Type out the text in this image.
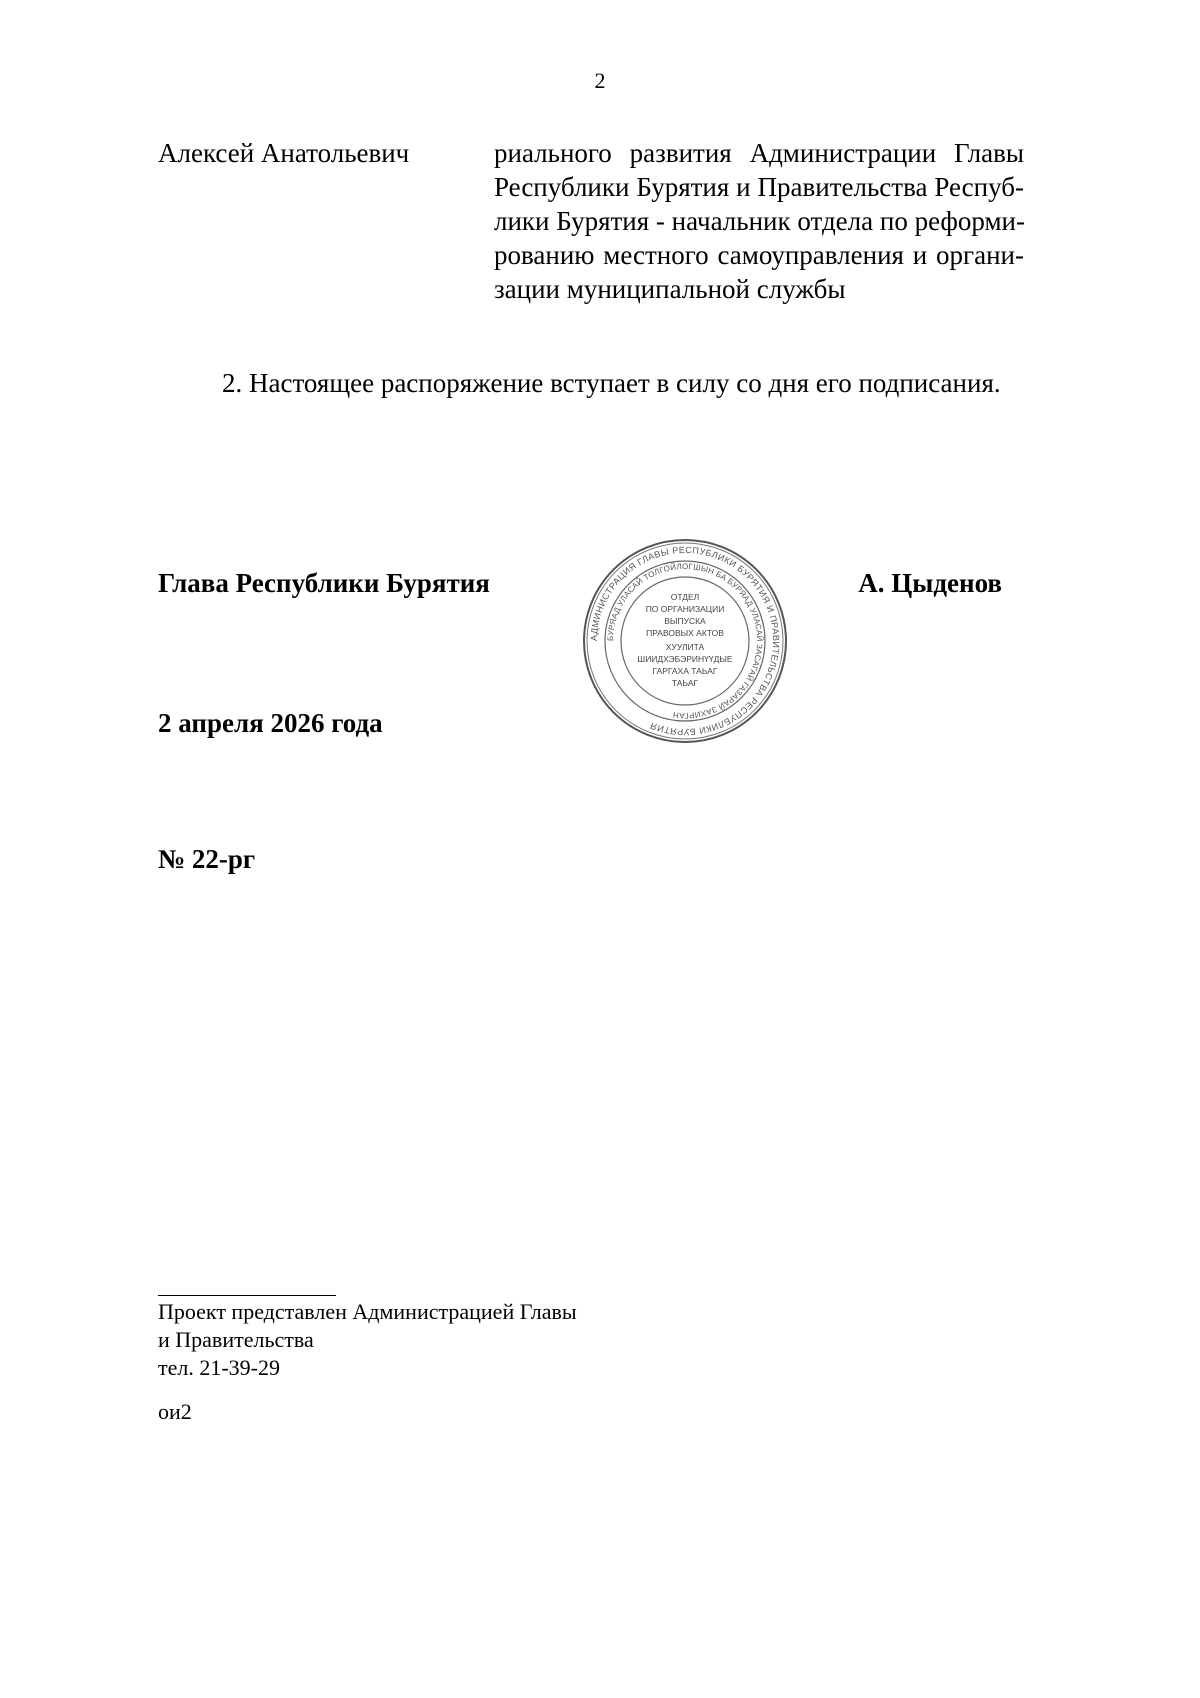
2
Алексей Анатольевич	риального развития Администрации Главы
Республики Бурятия и Правительства Респуб-
лики Бурятия - начальник отдела по реформи-
рованию местного самоуправления и органи-
зации муниципальной службы
2. Настоящее распоряжение вступает в силу со дня его подписания.
Глава Республики Бурятия	А. Цыденов
АДМИНИСТРАЦИЯ ГЛАВЫ РЕСПУБЛИКИ БУРЯТИЯ И ПРАВИТЕЛЬСТВА РЕСПУБЛИКИ БУРЯТИЯ
БУРЯАД УЛАСАЙ ТОЛГОЙЛОГШЫН БА БУРЯАД УЛАСАЙ ЗАСАГАЙ ГАЗАРАЙ ЗАХИРГАН
ОТДЕЛ
ПО ОРГАНИЗАЦИИ
ВЫПУСКА
ПРАВОВЫХ АКТОВ
ХУУЛИТА
ШИИДХЭБЭРИНҮҮДЫЕ
ГАРГАХА ТАЬАГ
ТАЬАГ
2 апреля 2026 года
№ 22-рг
Проект представлен Администрацией Главы
и Правительства
тел. 21-39-29
ои2
